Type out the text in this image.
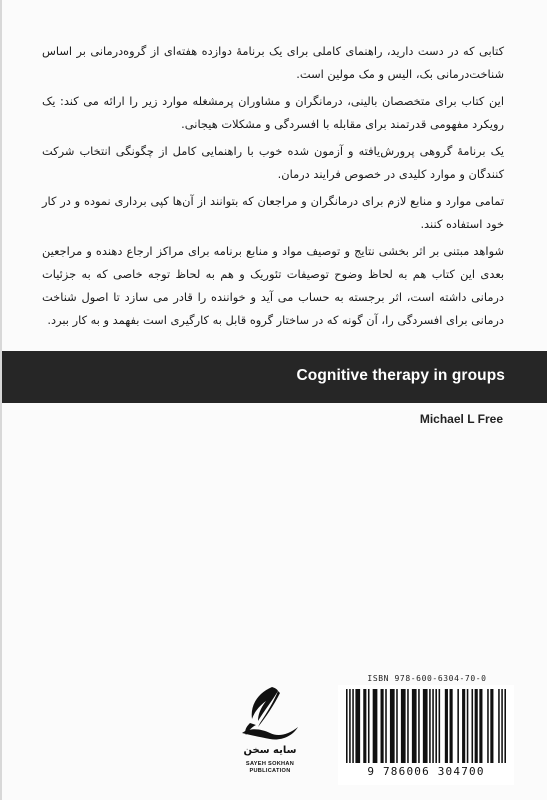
کتابی که در دست دارید، راهنمای کاملی برای یک برنامهٔ دوازده هفته‌ای از گروه‌درمانی بر اساس شناخت‌درمانی بک، الیس و مک مولین است.

این کتاب برای متخصصان بالینی، درمانگران و مشاوران پرمشغله موارد زیر را ارائه می کند: یک رویکرد مفهومی قدرتمند برای مقابله با افسردگی و مشکلات هیجانی.

یک برنامهٔ گروهی پرورش‌یافته و آزمون شده خوب با راهنمایی کامل از چگونگی انتخاب شرکت کنندگان و موارد کلیدی در خصوص فرایند درمان.

تمامی موارد و منابع لازم برای درمانگران و مراجعان که بتوانند از آن‌ها کپی برداری نموده و در کار خود استفاده کنند.

شواهد مبتنی بر اثر بخشی نتایج و توصیف مواد و منابع برنامه برای مراکز ارجاع دهنده و مراجعین بعدی این کتاب هم به لحاظ وضوح توصیفات تئوریک و هم به لحاظ توجه خاصی که به جزئیات درمانی داشته است، اثر برجسته به حساب می آید و خواننده را قادر می سازد تا اصول شناخت درمانی برای افسردگی را، آن گونه که در ساختار گروه قابل به کارگیری است بفهمد و به کار ببرد.

Cognitive therapy in groups
Michael L Free
سایه سخن
SAYEH SOKHAN
PUBLICATION
ISBN 978-600-6304-70-0
9 786006 304700
